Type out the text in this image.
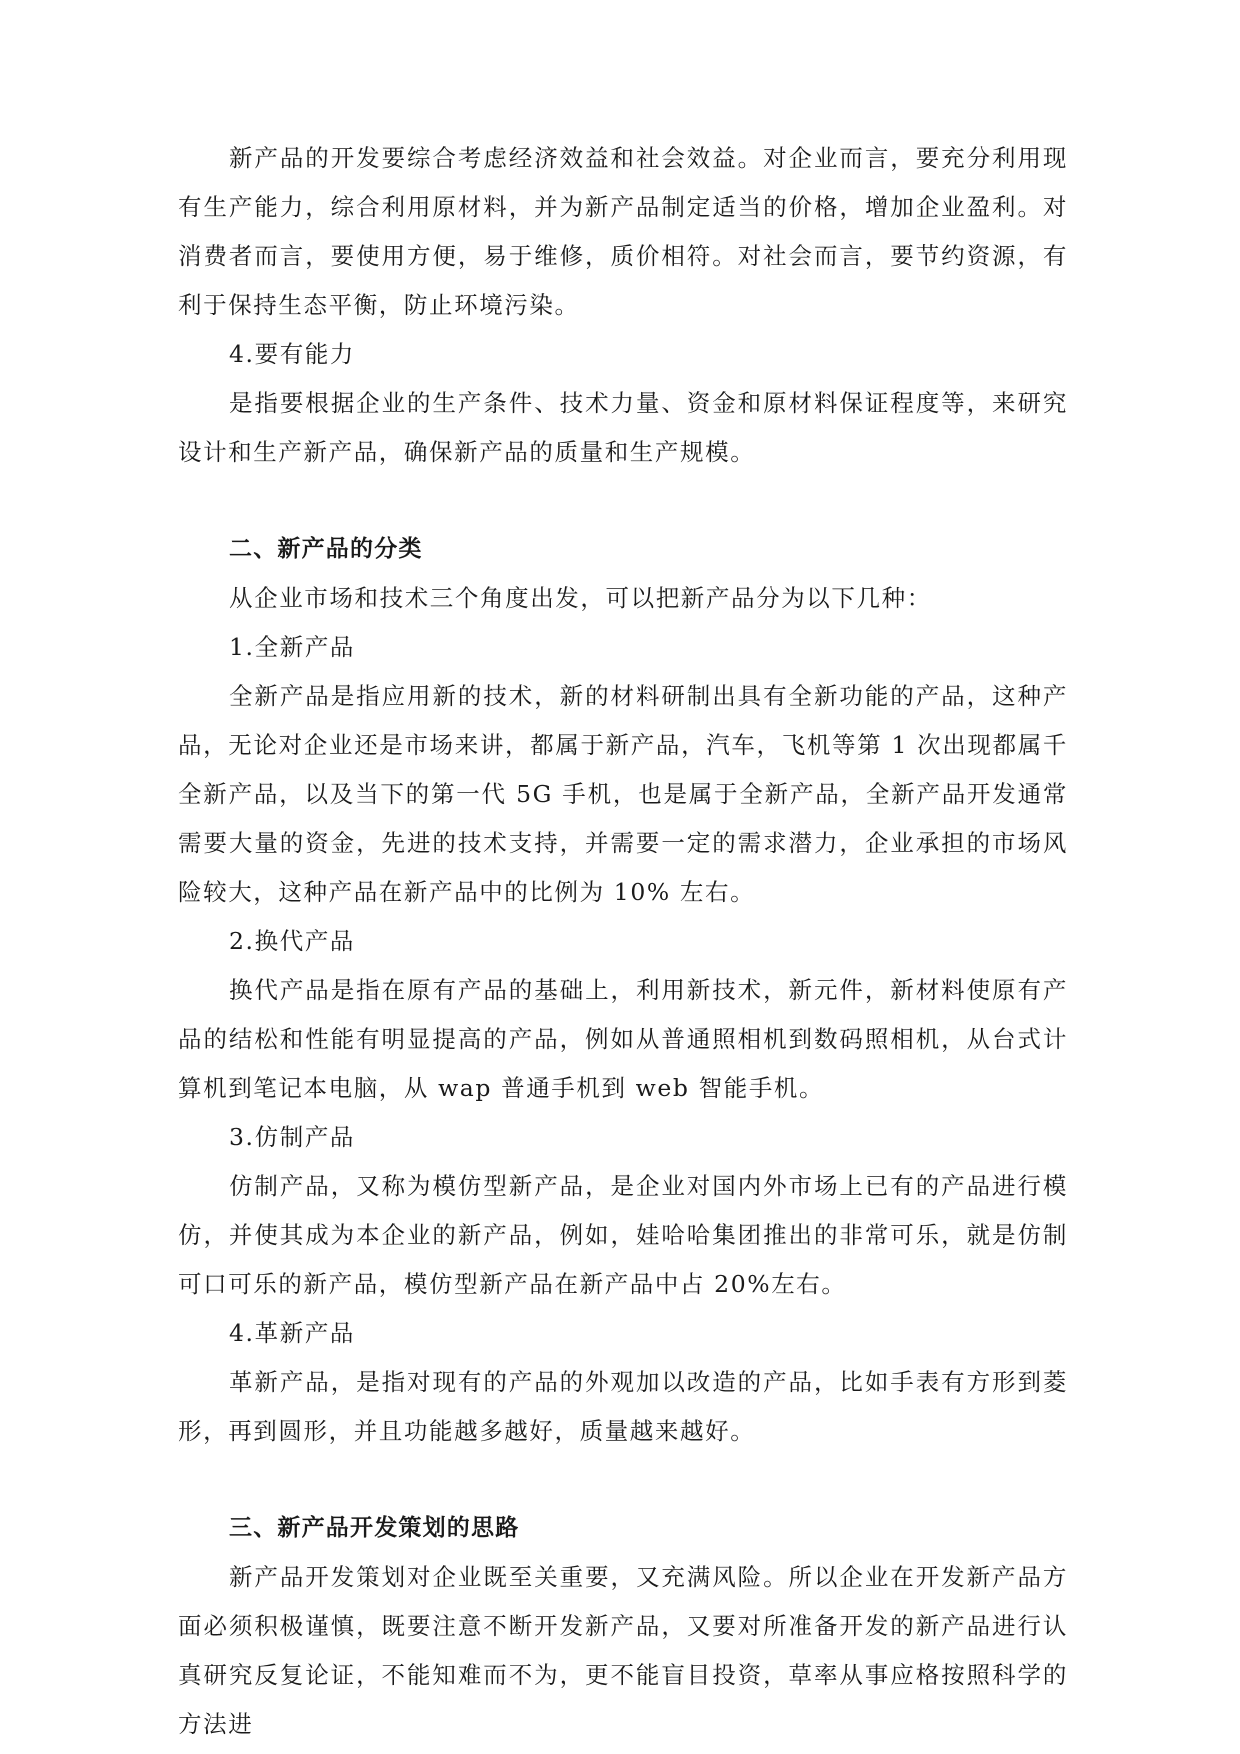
新产品的开发要综合考虑经济效益和社会效益。对企业而言，要充分利用现有生产能力，综合利用原材料，并为新产品制定适当的价格，增加企业盈利。对消费者而言，要使用方便，易于维修，质价相符。对社会而言，要节约资源，有利于保持生态平衡，防止环境污染。

4.要有能力

是指要根据企业的生产条件、技术力量、资金和原材料保证程度等，来研究设计和生产新产品，确保新产品的质量和生产规模。

二、新产品的分类

从企业市场和技术三个角度出发，可以把新产品分为以下几种：

1.全新产品

全新产品是指应用新的技术，新的材料研制出具有全新功能的产品，这种产品，无论对企业还是市场来讲，都属于新产品，汽车，飞机等第 1 次出现都属千全新产品，以及当下的第一代 5G 手机，也是属于全新产品，全新产品开发通常需要大量的资金，先进的技术支持，并需要一定的需求潜力，企业承担的市场风险较大，这种产品在新产品中的比例为 10% 左右。

2.换代产品

换代产品是指在原有产品的基础上，利用新技术，新元件，新材料使原有产品的结松和性能有明显提高的产品，例如从普通照相机到数码照相机，从台式计算机到笔记本电脑，从 wap 普通手机到 web 智能手机。

3.仿制产品

仿制产品，又称为模仿型新产品，是企业对国内外市场上已有的产品进行模仿，并使其成为本企业的新产品，例如，娃哈哈集团推出的非常可乐，就是仿制可口可乐的新产品，模仿型新产品在新产品中占 20%左右。

4.革新产品

革新产品，是指对现有的产品的外观加以改造的产品，比如手表有方形到菱形，再到圆形，并且功能越多越好，质量越来越好。

三、新产品开发策划的思路

新产品开发策划对企业既至关重要，又充满风险。所以企业在开发新产品方面必须积极谨慎，既要注意不断开发新产品，又要对所准备开发的新产品进行认真研究反复论证，不能知难而不为，更不能盲目投资，草率从事应格按照科学的方法进
